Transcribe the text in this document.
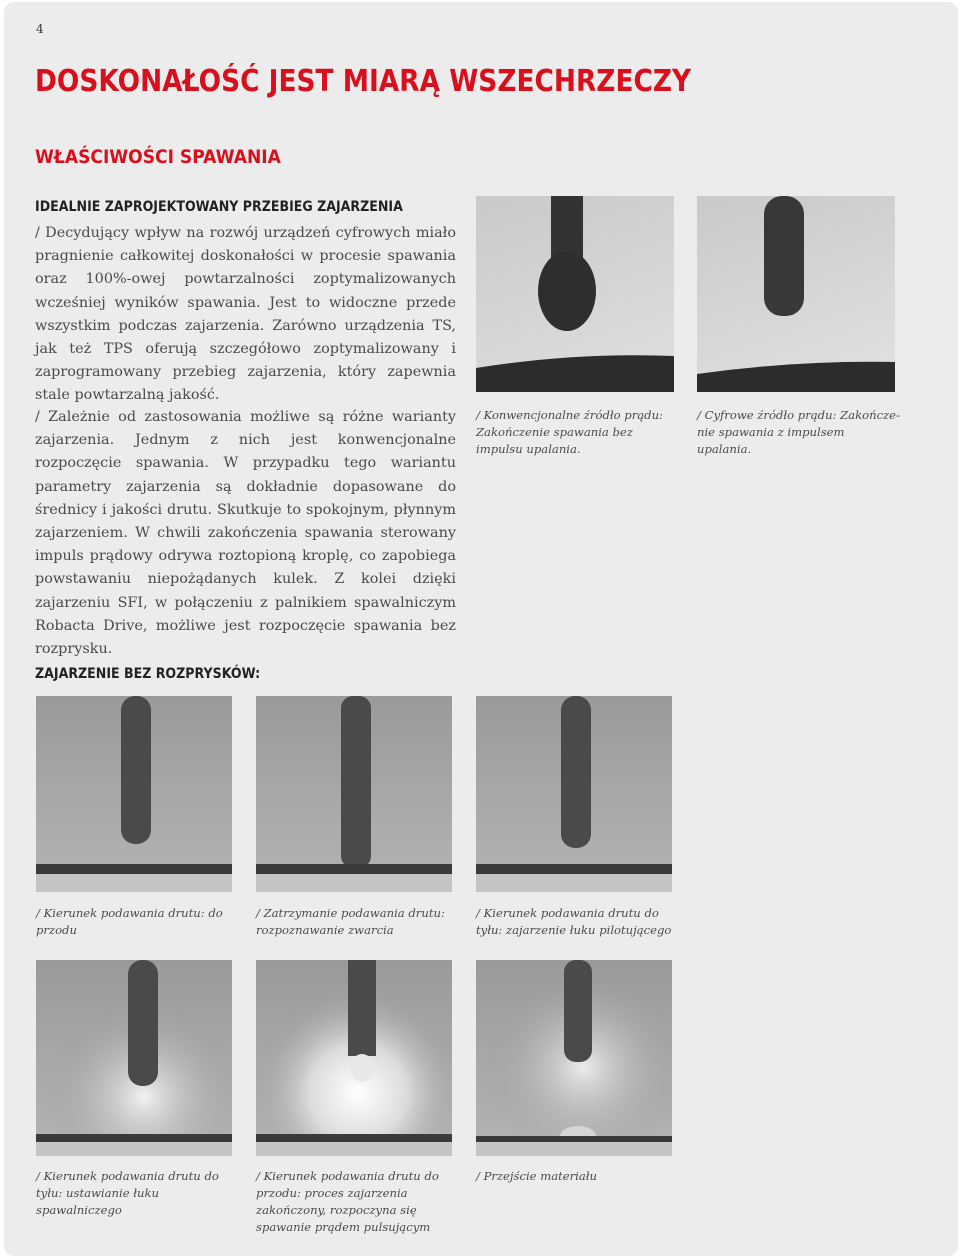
4
DOSKONAŁOŚĆ JEST MIARĄ WSZECHRZECZY
WŁAŚCIWOŚCI SPAWANIA
IDEALNIE ZAPROJEKTOWANY PRZEBIEG ZAJARZENIA

/ Decydujący wpływ na rozwój urządzeń cyfrowych miało pragnienie całkowitej doskonałości w procesie spawania oraz 100%-owej powtarzalności zoptymalizowanych wcześniej wyników spawania. Jest to widoczne przede wszystkim podczas zajarzenia. Zarówno urządzenia TS, jak też TPS oferują szczegółowo zoptymalizowany i zaprogramowany przebieg zajarzenia, który zapewnia stale powtarzalną jakość.

/ Zależnie od zastosowania możliwe są różne warianty zajarzenia. Jednym z nich jest konwencjonalne rozpoczęcie spawania. W przypadku tego wariantu parametry zajarzenia są dokładnie dopasowane do średnicy i jakości drutu. Skutkuje to spokojnym, płynnym zajarzeniem. W chwili zakończenia spawania sterowany impuls prądowy odrywa roztopioną kroplę, co zapobiega powstawaniu niepożądanych kulek. Z kolei dzięki zajarzeniu SFI, w połączeniu z palnikiem spawalniczym Robacta Drive, możliwe jest rozpoczęcie spawania bez rozprysku.

/ Konwencjonalne źródło prądu: Zakończenie spawania bez impulsu upalania.

/ Cyfrowe źródło prądu: Zakończenie spawania z impulsem upalania.

ZAJARZENIE BEZ ROZPRYSKÓW:

/ Kierunek podawania drutu: do przodu

/ Zatrzymanie podawania drutu: rozpoznawanie zwarcia

/ Kierunek podawania drutu do tyłu: zajarzenie łuku pilotującego

/ Kierunek podawania drutu do tyłu: ustawianie łuku spawalniczego

/ Kierunek podawania drutu do przodu: proces zajarzenia zakończony, rozpoczyna się spawanie prądem pulsującym

/ Przejście materiału
